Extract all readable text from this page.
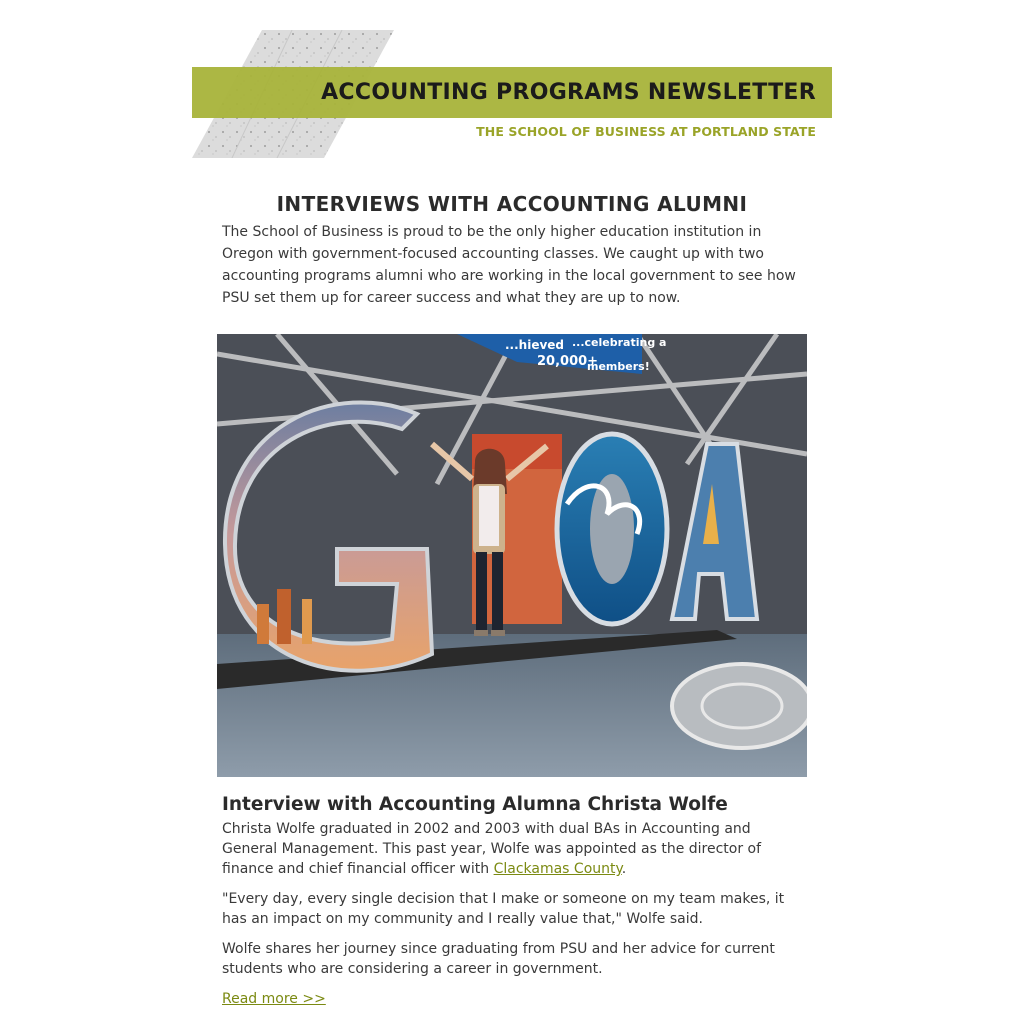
ACCOUNTING PROGRAMS NEWSLETTER
THE SCHOOL OF BUSINESS AT PORTLAND STATE
INTERVIEWS WITH ACCOUNTING ALUMNI

The School of Business is proud to be the only higher education institution in Oregon with government-focused accounting classes. We caught up with two accounting programs alumni who are working in the local government to see how PSU set them up for career success and what they are up to now.

...hieved ...celebrating a
20,000+
members!
Interview with Accounting Alumna Christa Wolfe

Christa Wolfe graduated in 2002 and 2003 with dual BAs in Accounting and General Management. This past year, Wolfe was appointed as the director of finance and chief financial officer with Clackamas County.

"Every day, every single decision that I make or someone on my team makes, it has an impact on my community and I really value that," Wolfe said.

Wolfe shares her journey since graduating from PSU and her advice for current students who are considering a career in government.

Read more >>
